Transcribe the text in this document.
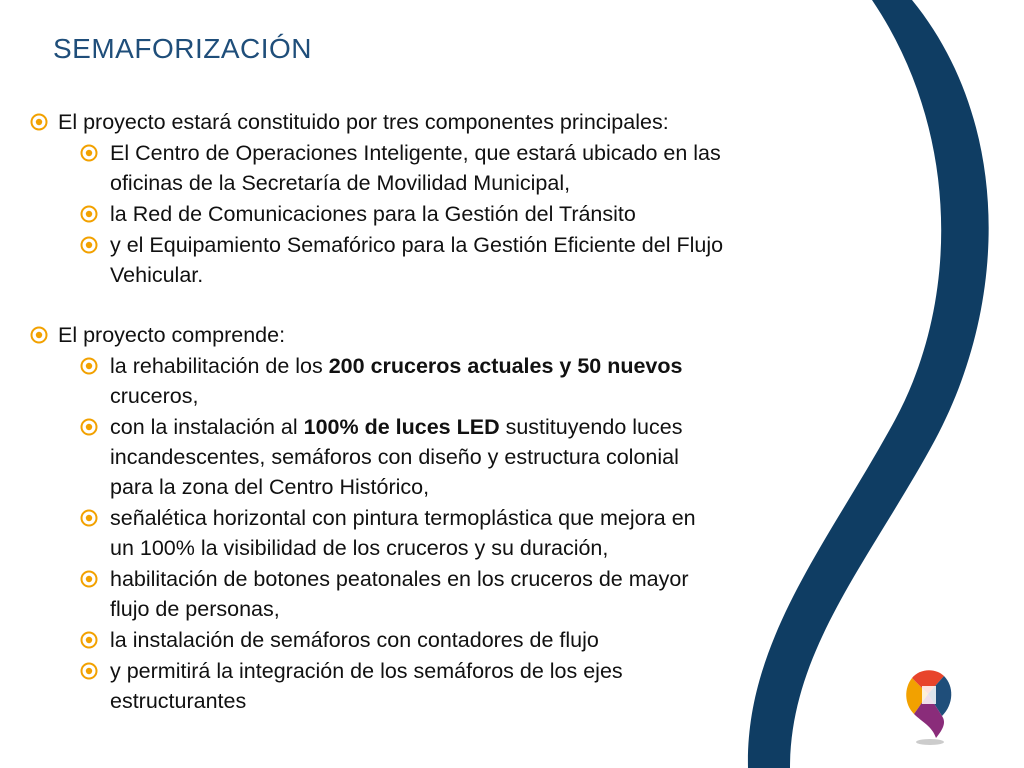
SEMAFORIZACIÓN
El proyecto estará constituido por tres componentes principales:
El Centro de Operaciones Inteligente, que estará ubicado en las
oficinas de la Secretaría de Movilidad Municipal,
la Red de Comunicaciones para la Gestión del Tránsito
y el Equipamiento Semafórico para la Gestión Eficiente del Flujo
Vehicular.
El proyecto comprende:
la rehabilitación de los 200 cruceros actuales y 50 nuevos
cruceros,
con la instalación al 100% de luces LED sustituyendo luces
incandescentes, semáforos con diseño y estructura colonial
para la zona del Centro Histórico,
señalética horizontal con pintura termoplástica que mejora en
un 100% la visibilidad de los cruceros y su duración,
habilitación de botones peatonales en los cruceros de mayor
flujo de personas,
la instalación de semáforos con contadores de flujo
y permitirá la integración de los semáforos de los ejes
estructurantes
